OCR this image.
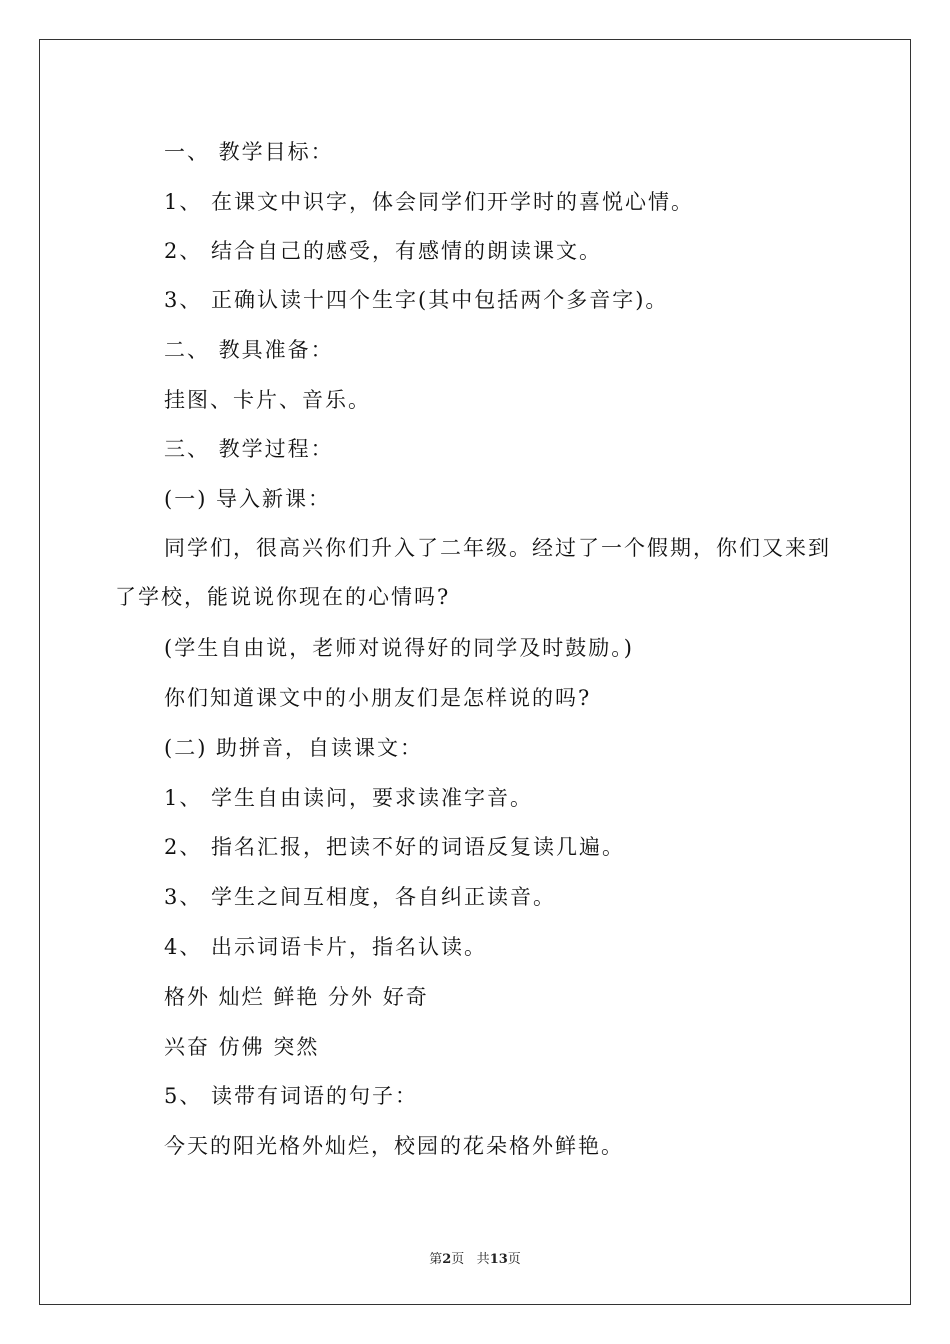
一、 教学目标：
1、 在课文中识字，体会同学们开学时的喜悦心情。
2、 结合自己的感受，有感情的朗读课文。
3、 正确认读十四个生字(其中包括两个多音字)。
二、 教具准备：
挂图、卡片、音乐。
三、 教学过程：
(一) 导入新课：
同学们，很高兴你们升入了二年级。经过了一个假期，你们又来到了学校，能说说你现在的心情吗?
(学生自由说，老师对说得好的同学及时鼓励。)
你们知道课文中的小朋友们是怎样说的吗?
(二) 助拼音，自读课文：
1、 学生自由读问，要求读准字音。
2、 指名汇报，把读不好的词语反复读几遍。
3、 学生之间互相度，各自纠正读音。
4、 出示词语卡片，指名认读。
格外 灿烂 鲜艳 分外 好奇
兴奋 仿佛 突然
5、 读带有词语的句子：
今天的阳光格外灿烂，校园的花朵格外鲜艳。
第2页 共13页
